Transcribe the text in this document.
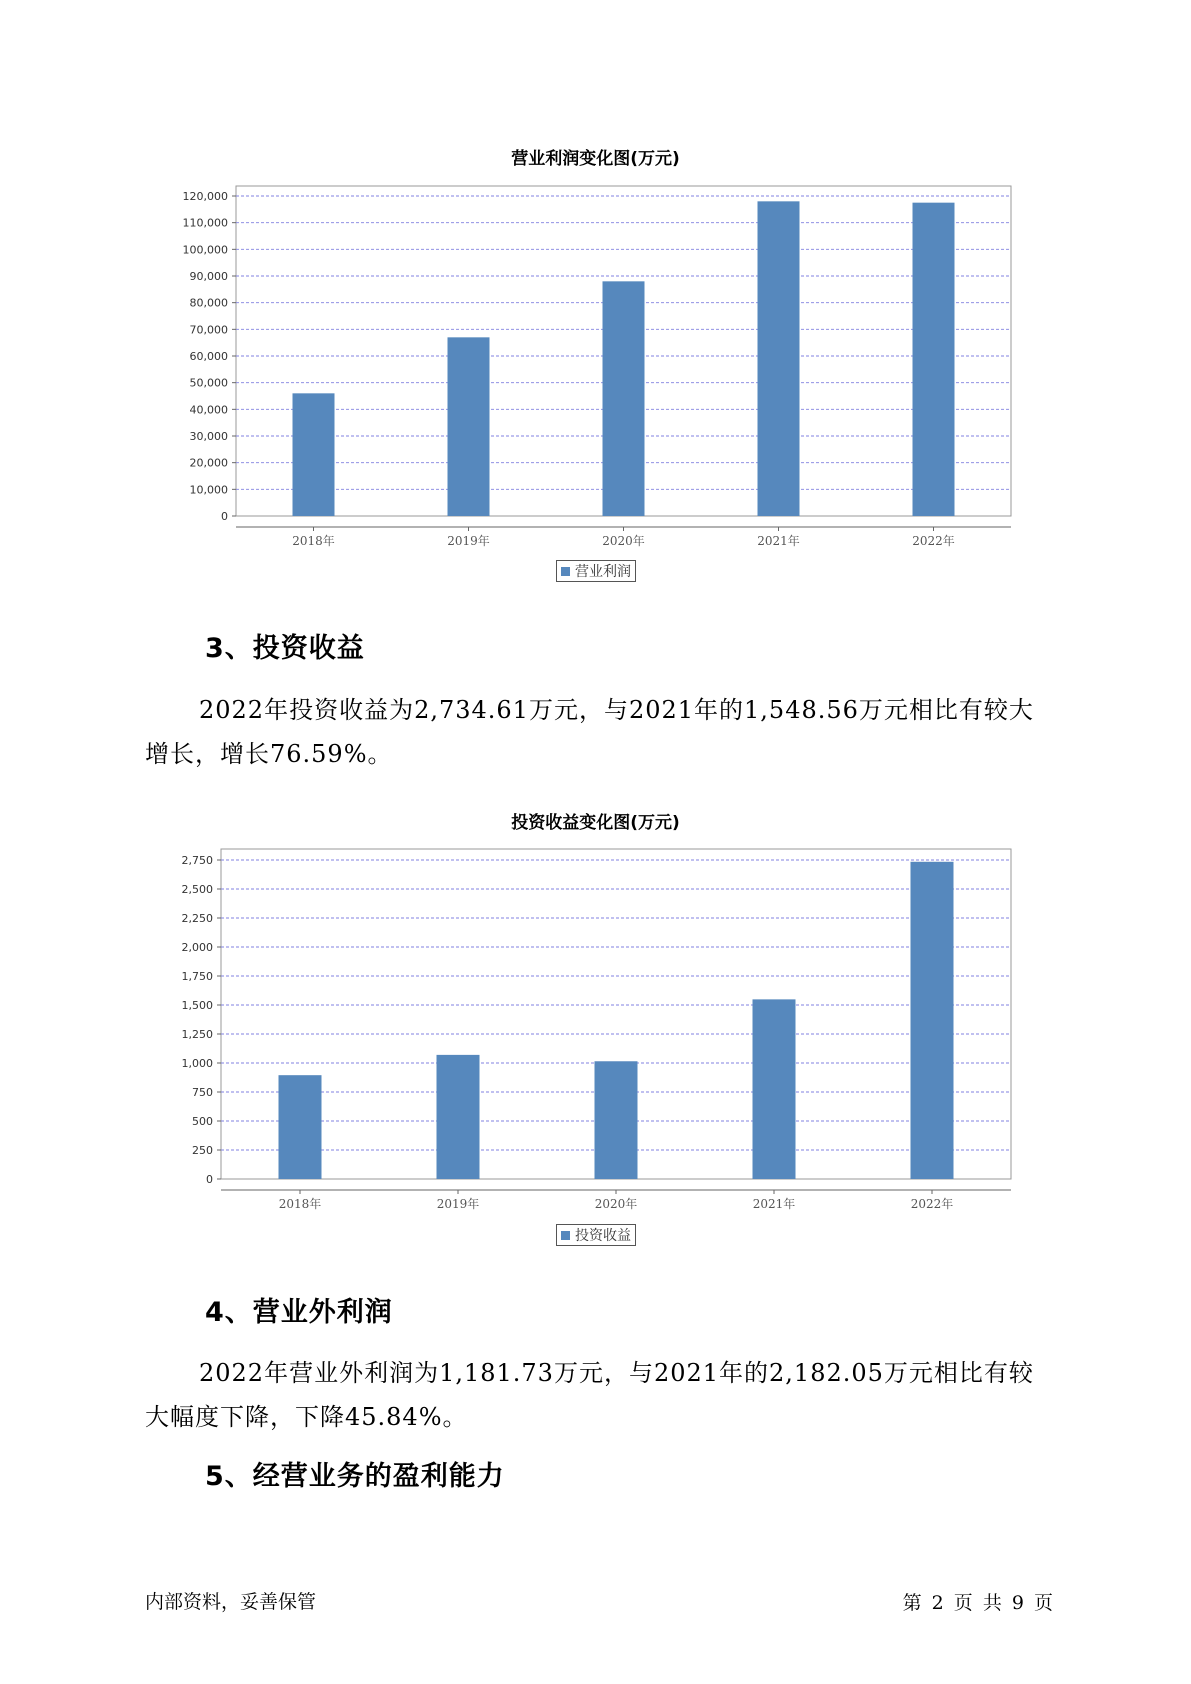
营业利润变化图(万元)
0
10,000
20,000
30,000
40,000
50,000
60,000
70,000
80,000
90,000
100,000
110,000
120,000
2018年	2019年	2020年	2021年	2022年
营业利润
3、投资收益

2022年投资收益为2,734.61万元，与2021年的1,548.56万元相比有较大增长，增长76.59%。

投资收益变化图(万元)
0
250
500
750
1,000
1,250
1,500
1,750
2,000
2,250
2,500
2,750
2018年	2019年	2020年	2021年	2022年
投资收益
4、营业外利润

2022年营业外利润为1,181.73万元，与2021年的2,182.05万元相比有较大幅度下降，下降45.84%。

5、经营业务的盈利能力
内部资料，妥善保管	第 2 页 共 9 页
